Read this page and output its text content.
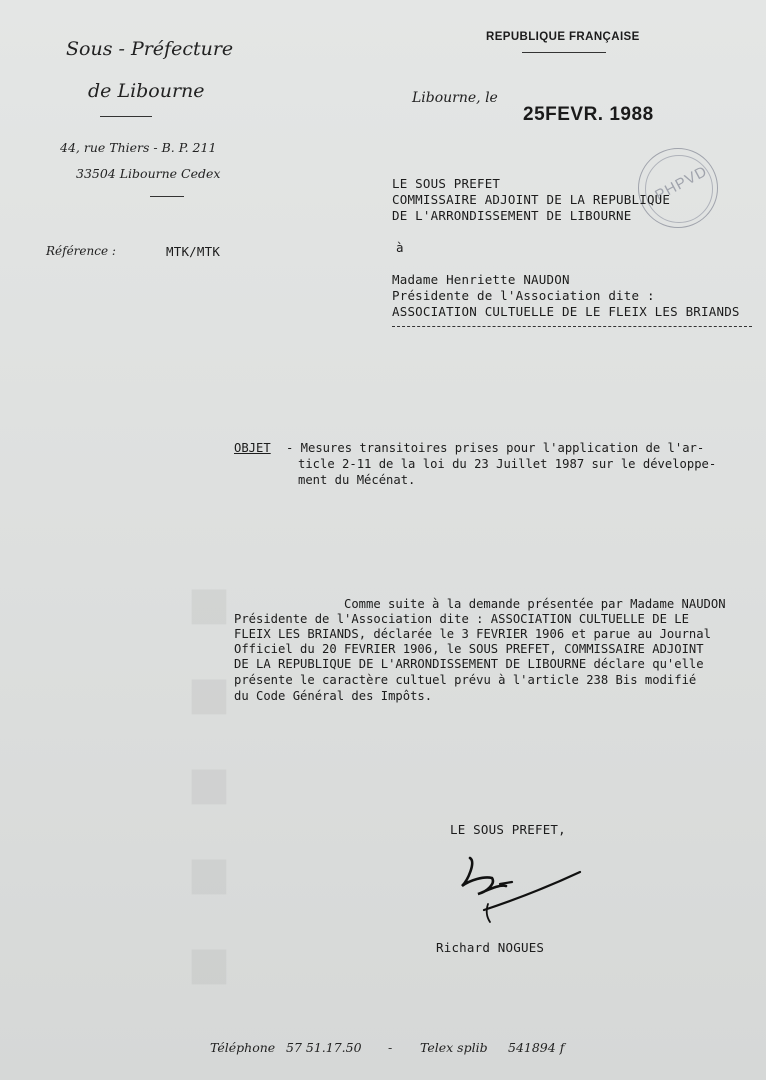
▪▪▪▪▪
Sous - Préfecture
de Libourne
44, rue Thiers - B. P. 211
33504 Libourne Cedex
Référence :	MTK/MTK
REPUBLIQUE FRANÇAISE
Libourne, le
25FEVR. 1988
PHPVD
LE SOUS PREFET
COMMISSAIRE ADJOINT DE LA REPUBLIQUE
DE L'ARRONDISSEMENT DE LIBOURNE
à
Madame Henriette NAUDON
Présidente de l'Association dite :
ASSOCIATION CULTUELLE DE LE FLEIX LES BRIANDS
OBJET - Mesures transitoires prises pour l'application de l'ar-
ticle 2-11 de la loi du 23 Juillet 1987 sur le développe-
ment du Mécénat.
Comme suite à la demande présentée par Madame NAUDON
Présidente de l'Association dite : ASSOCIATION CULTUELLE DE LE
FLEIX LES BRIANDS, déclarée le 3 FEVRIER 1906 et parue au Journal
Officiel du 20 FEVRIER 1906, le SOUS PREFET, COMMISSAIRE ADJOINT
DE LA REPUBLIQUE DE L'ARRONDISSEMENT DE LIBOURNE déclare qu'elle
présente le caractère cultuel prévu à l'article 238 Bis modifié
du Code Général des Impôts.
LE SOUS PREFET,
Richard NOGUES
Téléphone 57 51.17.50 - Telex splib 541894 f
